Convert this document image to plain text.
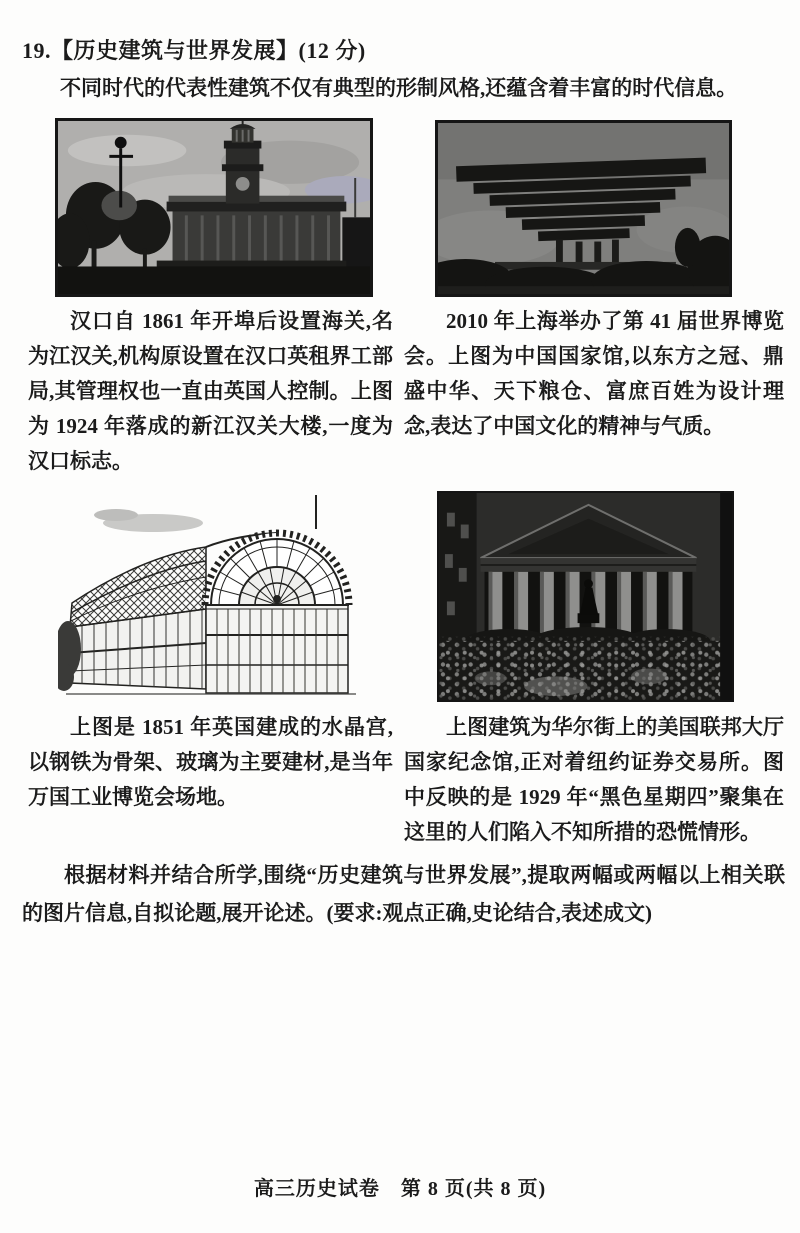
19.【历史建筑与世界发展】(12 分)
不同时代的代表性建筑不仅有典型的形制风格,还蕴含着丰富的时代信息。
汉口自 1861 年开埠后设置海关,名为江汉关,机构原设置在汉口英租界工部局,其管理权也一直由英国人控制。上图为 1924 年落成的新江汉关大楼,一度为汉口标志。
2010 年上海举办了第 41 届世界博览会。上图为中国国家馆,以东方之冠、鼎盛中华、天下粮仓、富庶百姓为设计理念,表达了中国文化的精神与气质。
上图是 1851 年英国建成的水晶宫,以钢铁为骨架、玻璃为主要建材,是当年万国工业博览会场地。
上图建筑为华尔街上的美国联邦大厅国家纪念馆,正对着纽约证券交易所。图中反映的是 1929 年“黑色星期四”聚集在这里的人们陷入不知所措的恐慌情形。
根据材料并结合所学,围绕“历史建筑与世界发展”,提取两幅或两幅以上相关联的图片信息,自拟论题,展开论述。(要求:观点正确,史论结合,表述成文)
高三历史试卷　第 8 页(共 8 页)
